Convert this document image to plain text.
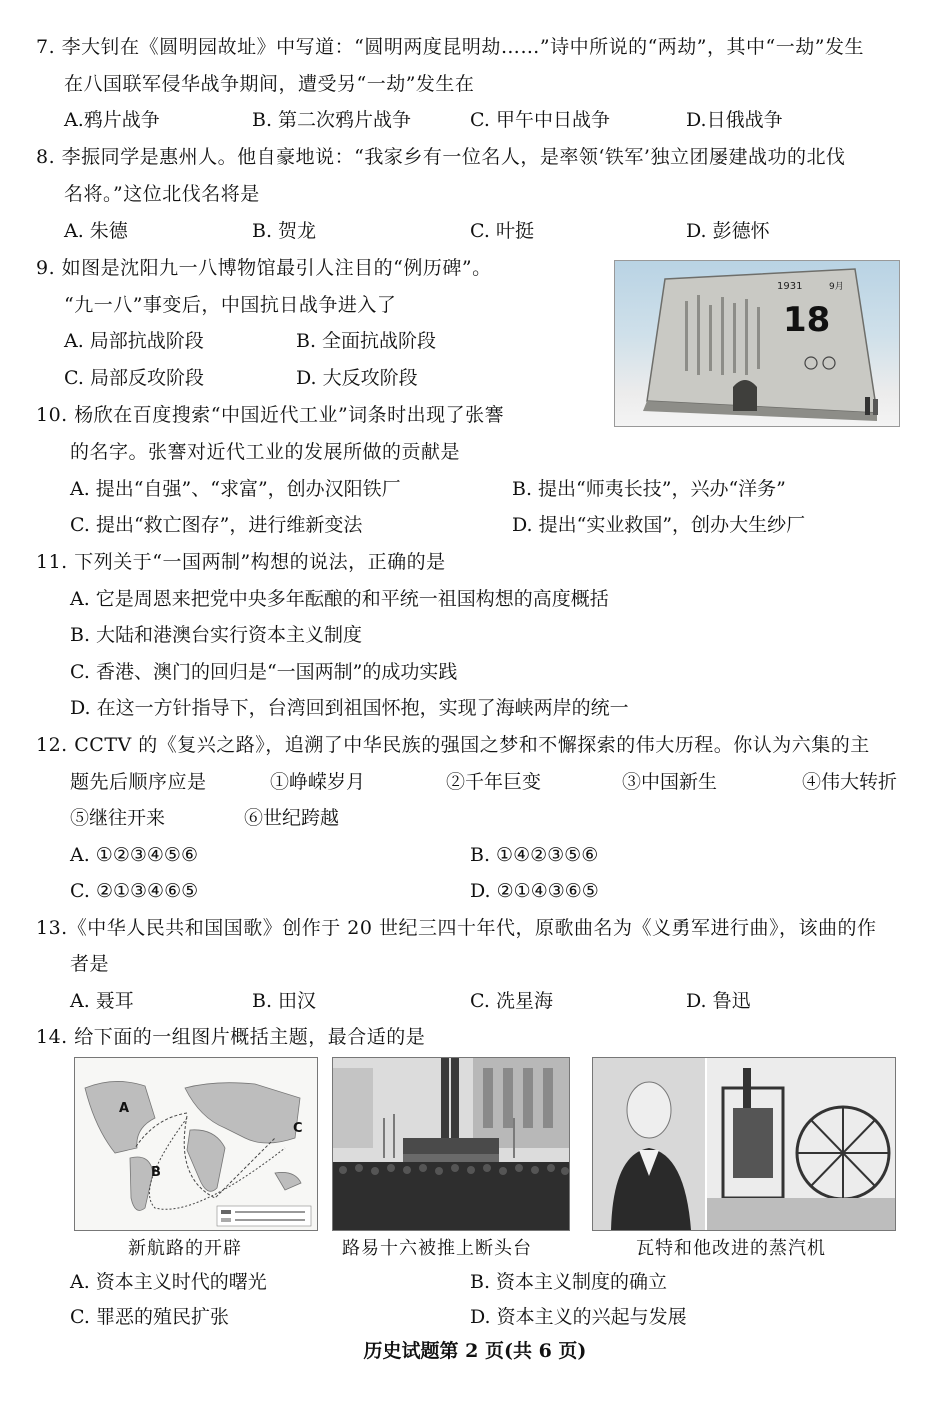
7. 李大钊在《圆明园故址》中写道：“圆明两度昆明劫……”诗中所说的“两劫”，其中“一劫”发生
在八国联军侵华战争期间，遭受另“一劫”发生在
A.鸦片战争	B. 第二次鸦片战争	C. 甲午中日战争	D.日俄战争
8. 李振同学是惠州人。他自豪地说：“我家乡有一位名人，是率领‘铁军’独立团屡建战功的北伐
名将。”这位北伐名将是
A. 朱德	B. 贺龙	C. 叶挺	D. 彭德怀
9. 如图是沈阳九一八博物馆最引人注目的“例历碑”。
“九一八”事变后，中国抗日战争进入了
A. 局部抗战阶段	B. 全面抗战阶段
C. 局部反攻阶段	D. 大反攻阶段
1931
18
9月
10. 杨欣在百度搜索“中国近代工业”词条时出现了张謇
的名字。张謇对近代工业的发展所做的贡献是
A. 提出“自强”、“求富”，创办汉阳铁厂	B. 提出“师夷长技”，兴办“洋务”
C. 提出“救亡图存”，进行维新变法	D. 提出“实业救国”，创办大生纱厂
11. 下列关于“一国两制”构想的说法，正确的是
A. 它是周恩来把党中央多年酝酿的和平统一祖国构想的高度概括
B. 大陆和港澳台实行资本主义制度
C. 香港、澳门的回归是“一国两制”的成功实践
D. 在这一方针指导下，台湾回到祖国怀抱，实现了海峡两岸的统一
12. CCTV 的《复兴之路》，追溯了中华民族的强国之梦和不懈探索的伟大历程。你认为六集的主
题先后顺序应是	①峥嵘岁月	②千年巨变	③中国新生	④伟大转折
⑤继往开来	⑥世纪跨越
A. ①②③④⑤⑥	B. ①④②③⑤⑥
C. ②①③④⑥⑤	D. ②①④③⑥⑤
13.《中华人民共和国国歌》创作于 20 世纪三四十年代，原歌曲名为《义勇军进行曲》，该曲的作
者是
A. 聂耳	B. 田汉	C. 冼星海	D. 鲁迅
14. 给下面的一组图片概括主题，最合适的是
A
B
C
新航路的开辟	路易十六被推上断头台	瓦特和他改进的蒸汽机
A. 资本主义时代的曙光	B. 资本主义制度的确立
C. 罪恶的殖民扩张	D. 资本主义的兴起与发展
历史试题第 2 页(共 6 页)
